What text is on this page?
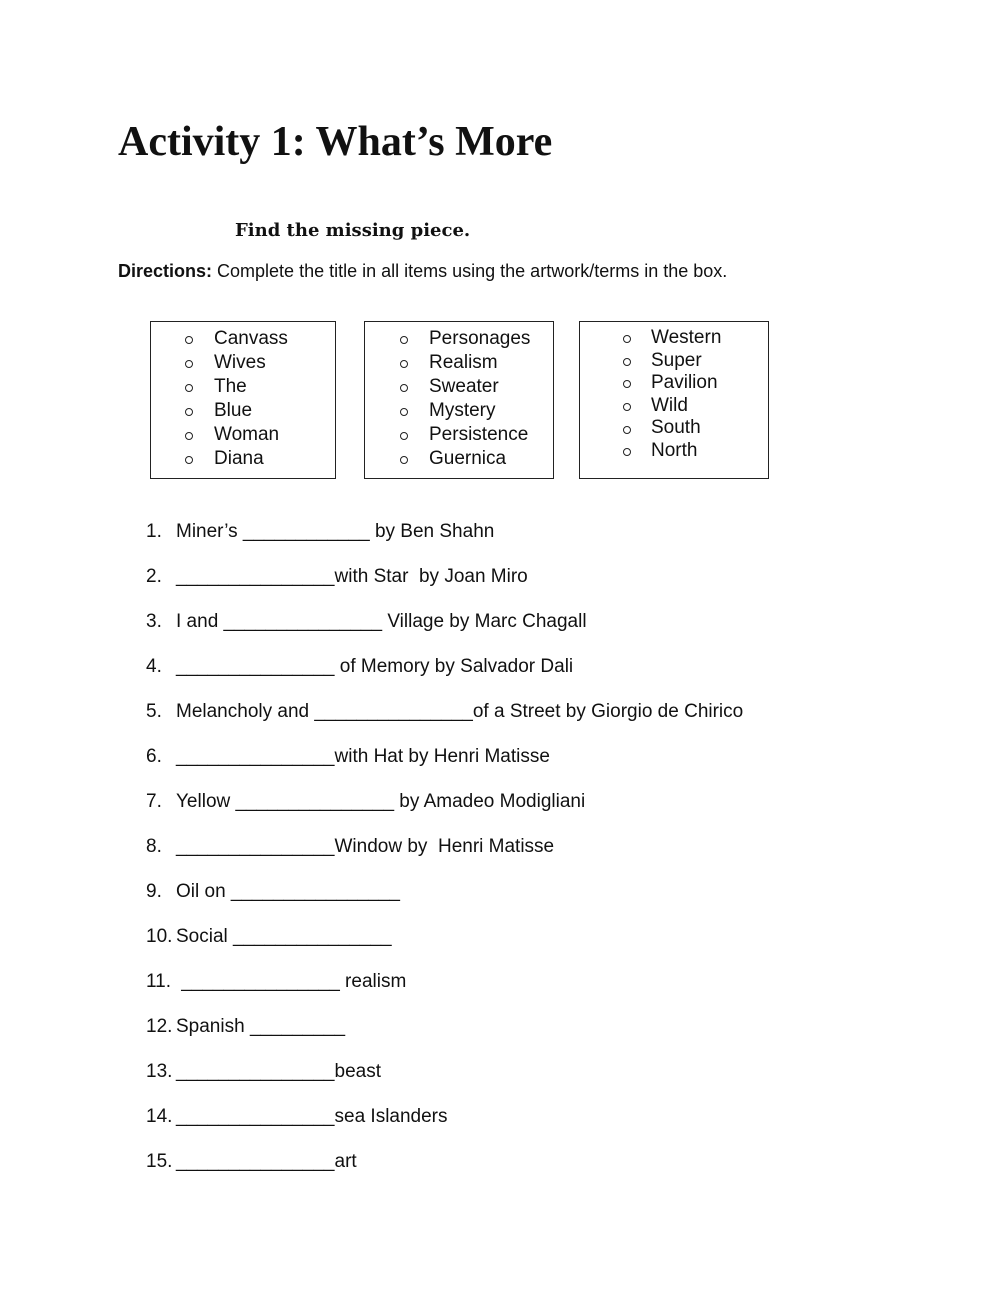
Activity 1: What’s More
Find the missing piece.
Directions: Complete the title in all items using the artwork/terms in the box.
Canvass
Wives
The
Blue
Woman
Diana
Personages
Realism
Sweater
Mystery
Persistence
Guernica
Western
Super
Pavilion
Wild
South
North
1. Miner’s ____________ by Ben Shahn
2. _______________with Star  by Joan Miro
3. I and _______________ Village by Marc Chagall
4. _______________ of Memory by Salvador Dali
5. Melancholy and _______________of a Street by Giorgio de Chirico
6. _______________with Hat by Henri Matisse
7. Yellow _______________ by Amadeo Modigliani
8. _______________Window by  Henri Matisse
9. Oil on ________________
10. Social _______________
11. _______________ realism
12. Spanish _________
13. _______________beast
14. _______________sea Islanders
15. _______________art
